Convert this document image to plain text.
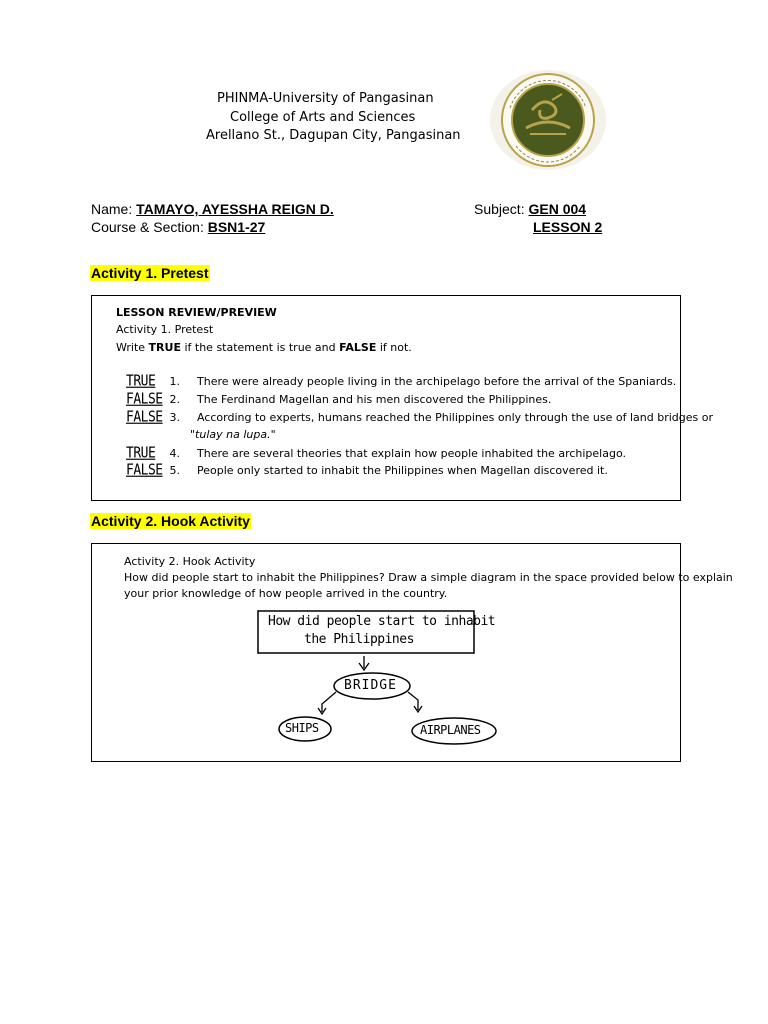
PHINMA-University of Pangasinan
College of Arts and Sciences
Arellano St., Dagupan City, Pangasinan
Name: TAMAYO, AYESSHA REIGN D.
Course & Section: BSN1-27
Subject: GEN 004
LESSON 2
Activity 1. Pretest
LESSON REVIEW/PREVIEW
Activity 1. Pretest
Write TRUE if the statement is true and FALSE if not.
TRUE 1. There were already people living in the archipelago before the arrival of the Spaniards.
FALSE 2. The Ferdinand Magellan and his men discovered the Philippines.
FALSE 3. According to experts, humans reached the Philippines only through the use of land bridges or
"tulay na lupa."
TRUE 4. There are several theories that explain how people inhabited the archipelago.
FALSE 5. People only started to inhabit the Philippines when Magellan discovered it.
Activity 2. Hook Activity
Activity 2. Hook Activity
How did people start to inhabit the Philippines? Draw a simple diagram in the space provided below to explain
your prior knowledge of how people arrived in the country.
How did people start to inhabit
the Philippines
BRIDGE
SHIPS	AIRPLANES
